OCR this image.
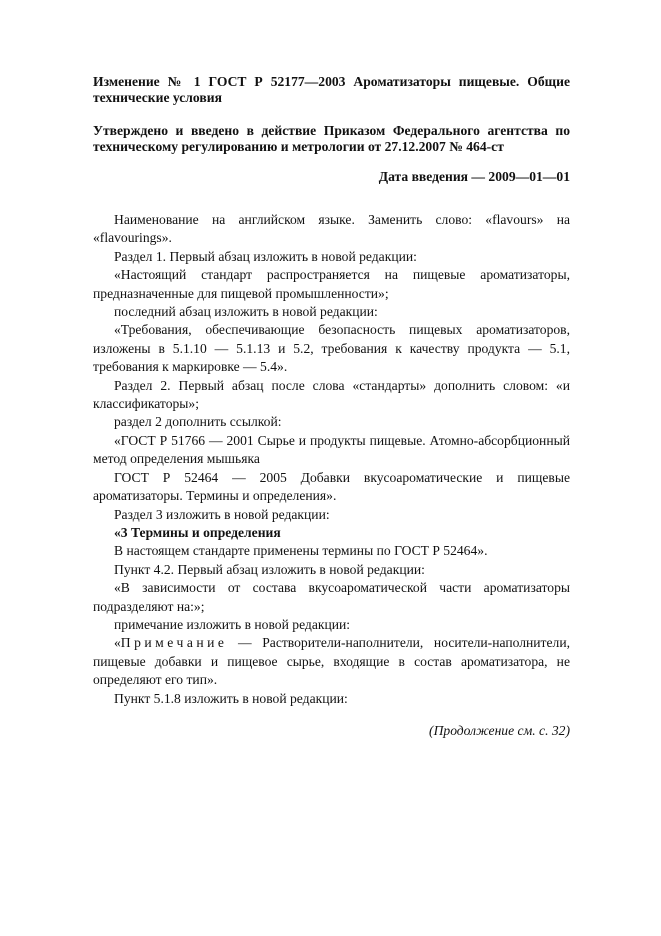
Изменение № 1 ГОСТ Р 52177—2003 Ароматизаторы пищевые. Общие технические условия

Утверждено и введено в действие Приказом Федерального агентства по техническому регулированию и метрологии от 27.12.2007 № 464-ст

Дата введения — 2009—01—01

Наименование на английском языке. Заменить слово: «flavours» на «flavourings».

Раздел 1. Первый абзац изложить в новой редакции:

«Настоящий стандарт распространяется на пищевые ароматизаторы, предназначенные для пищевой промышленности»;

последний абзац изложить в новой редакции:

«Требования, обеспечивающие безопасность пищевых ароматизаторов, изложены в 5.1.10 — 5.1.13 и 5.2, требования к качеству продукта — 5.1, требования к маркировке — 5.4».

Раздел 2. Первый абзац после слова «стандарты» дополнить словом: «и классификаторы»;

раздел 2 дополнить ссылкой:

«ГОСТ Р 51766 — 2001 Сырье и продукты пищевые. Атомно-абсорбционный метод определения мышьяка

ГОСТ Р 52464 — 2005 Добавки вкусоароматические и пищевые ароматизаторы. Термины и определения».

Раздел 3 изложить в новой редакции:

«3 Термины и определения

В настоящем стандарте применены термины по ГОСТ Р 52464».

Пункт 4.2. Первый абзац изложить в новой редакции:

«В зависимости от состава вкусоароматической части ароматизаторы подразделяют на:»;

примечание изложить в новой редакции:

«Примечание — Растворители-наполнители, носители-наполнители, пищевые добавки и пищевое сырье, входящие в состав ароматизатора, не определяют его тип».

Пункт 5.1.8 изложить в новой редакции:

(Продолжение см. с. 32)
